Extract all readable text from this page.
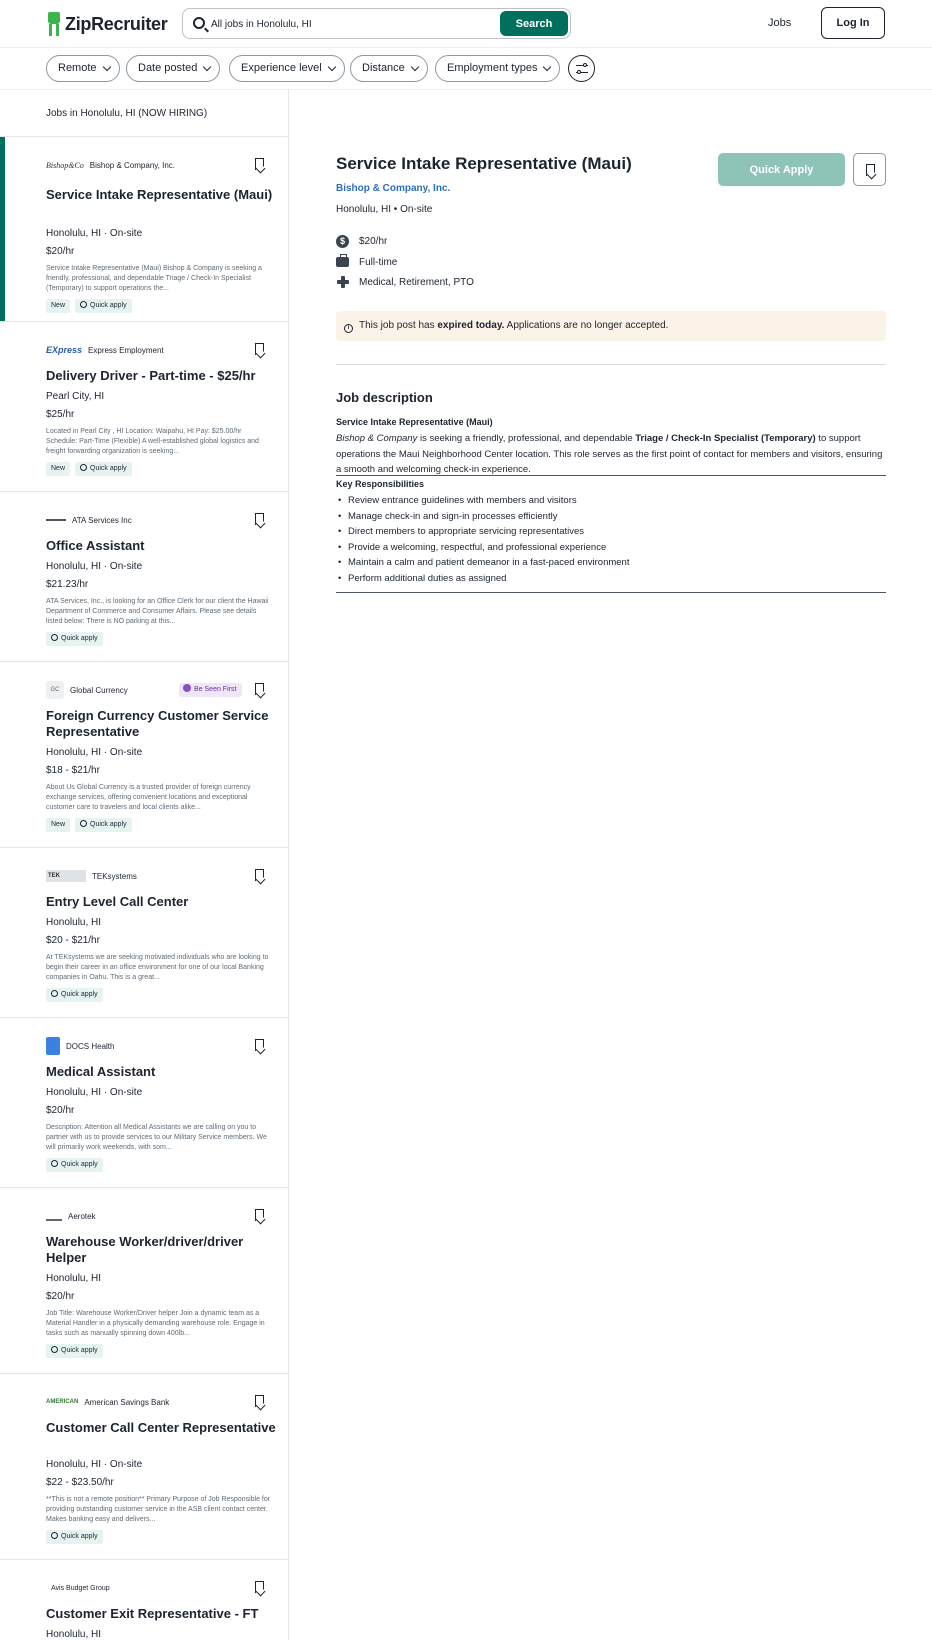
ZipRecruiter
All jobs in Honolulu, HI	Search	Jobs	Log In
Remote	Date posted	Experience level	Distance	Employment types
Jobs in Honolulu, HI (NOW HIRING)
Bishop&Co Bishop & Company, Inc.
Service Intake Representative (Maui)
Honolulu, HI · On-site
$20/hr
Service Intake Representative (Maui) Bishop & Company is seeking a friendly, professional, and dependable Triage / Check-In Specialist (Temporary) to support operations the...
New	Quick apply
EXpress Express Employment
Delivery Driver - Part-time - $25/hr
Pearl City, HI
$25/hr
Located in Pearl City , HI Location: Waipahu, HI Pay: $25.00/hr Schedule: Part-Time (Flexible) A well-established global logistics and freight forwarding organization is seeking...
New	Quick apply
ATA Services Inc
Office Assistant
Honolulu, HI · On-site
$21.23/hr
ATA Services, Inc., is looking for an Office Clerk for our client the Hawaii Department of Commerce and Consumer Affairs. Please see details listed below: There is NO parking at this...
Quick apply
GC	Global Currency	Be Seen First
Foreign Currency Customer Service Representative
Honolulu, HI · On-site
$18 - $21/hr
About Us Global Currency is a trusted provider of foreign currency exchange services, offering convenient locations and exceptional customer care to travelers and local clients alike...
New	Quick apply
TEK	TEKsystems
Entry Level Call Center
Honolulu, HI
$20 - $21/hr
At TEKsystems we are seeking motivated individuals who are looking to begin their career in an office environment for one of our local Banking companies in Oahu. This is a great...
Quick apply
DOCS Health
Medical Assistant
Honolulu, HI · On-site
$20/hr
Description: Attention all Medical Assistants we are calling on you to partner with us to provide services to our Military Service members. We will primarily work weekends, with som...
Quick apply
Aerotek
Warehouse Worker/driver/driver Helper
Honolulu, HI
$20/hr
Job Title: Warehouse Worker/Driver helper Join a dynamic team as a Material Handler in a physically demanding warehouse role. Engage in tasks such as manually spinning down 400lb...
Quick apply
AMERICAN American Savings Bank
Customer Call Center Representative
Honolulu, HI · On-site
$22 - $23.50/hr
**This is not a remote position** Primary Purpose of Job Responsible for providing outstanding customer service in the ASB client contact center. Makes banking easy and delivers...
Quick apply
Avis Budget Group
Customer Exit Representative - FT
Honolulu, HI
Service Intake Representative (Maui)
Bishop & Company, Inc.
Honolulu, HI • On-site
Quick Apply
$	$20/hr
Full-time
Medical, Retirement, PTO
i This job post has expired today. Applications are no longer accepted.
Job description
Service Intake Representative (Maui)
Bishop & Company is seeking a friendly, professional, and dependable Triage / Check-In Specialist (Temporary) to support operations the Maui Neighborhood Center location. This role serves as the first point of contact for members and visitors, ensuring a smooth and welcoming check-in experience.
Key Responsibilities
• Review entrance guidelines with members and visitors
• Manage check-in and sign-in processes efficiently
• Direct members to appropriate servicing representatives
• Provide a welcoming, respectful, and professional experience
• Maintain a calm and patient demeanor in a fast-paced environment
• Perform additional duties as assigned
